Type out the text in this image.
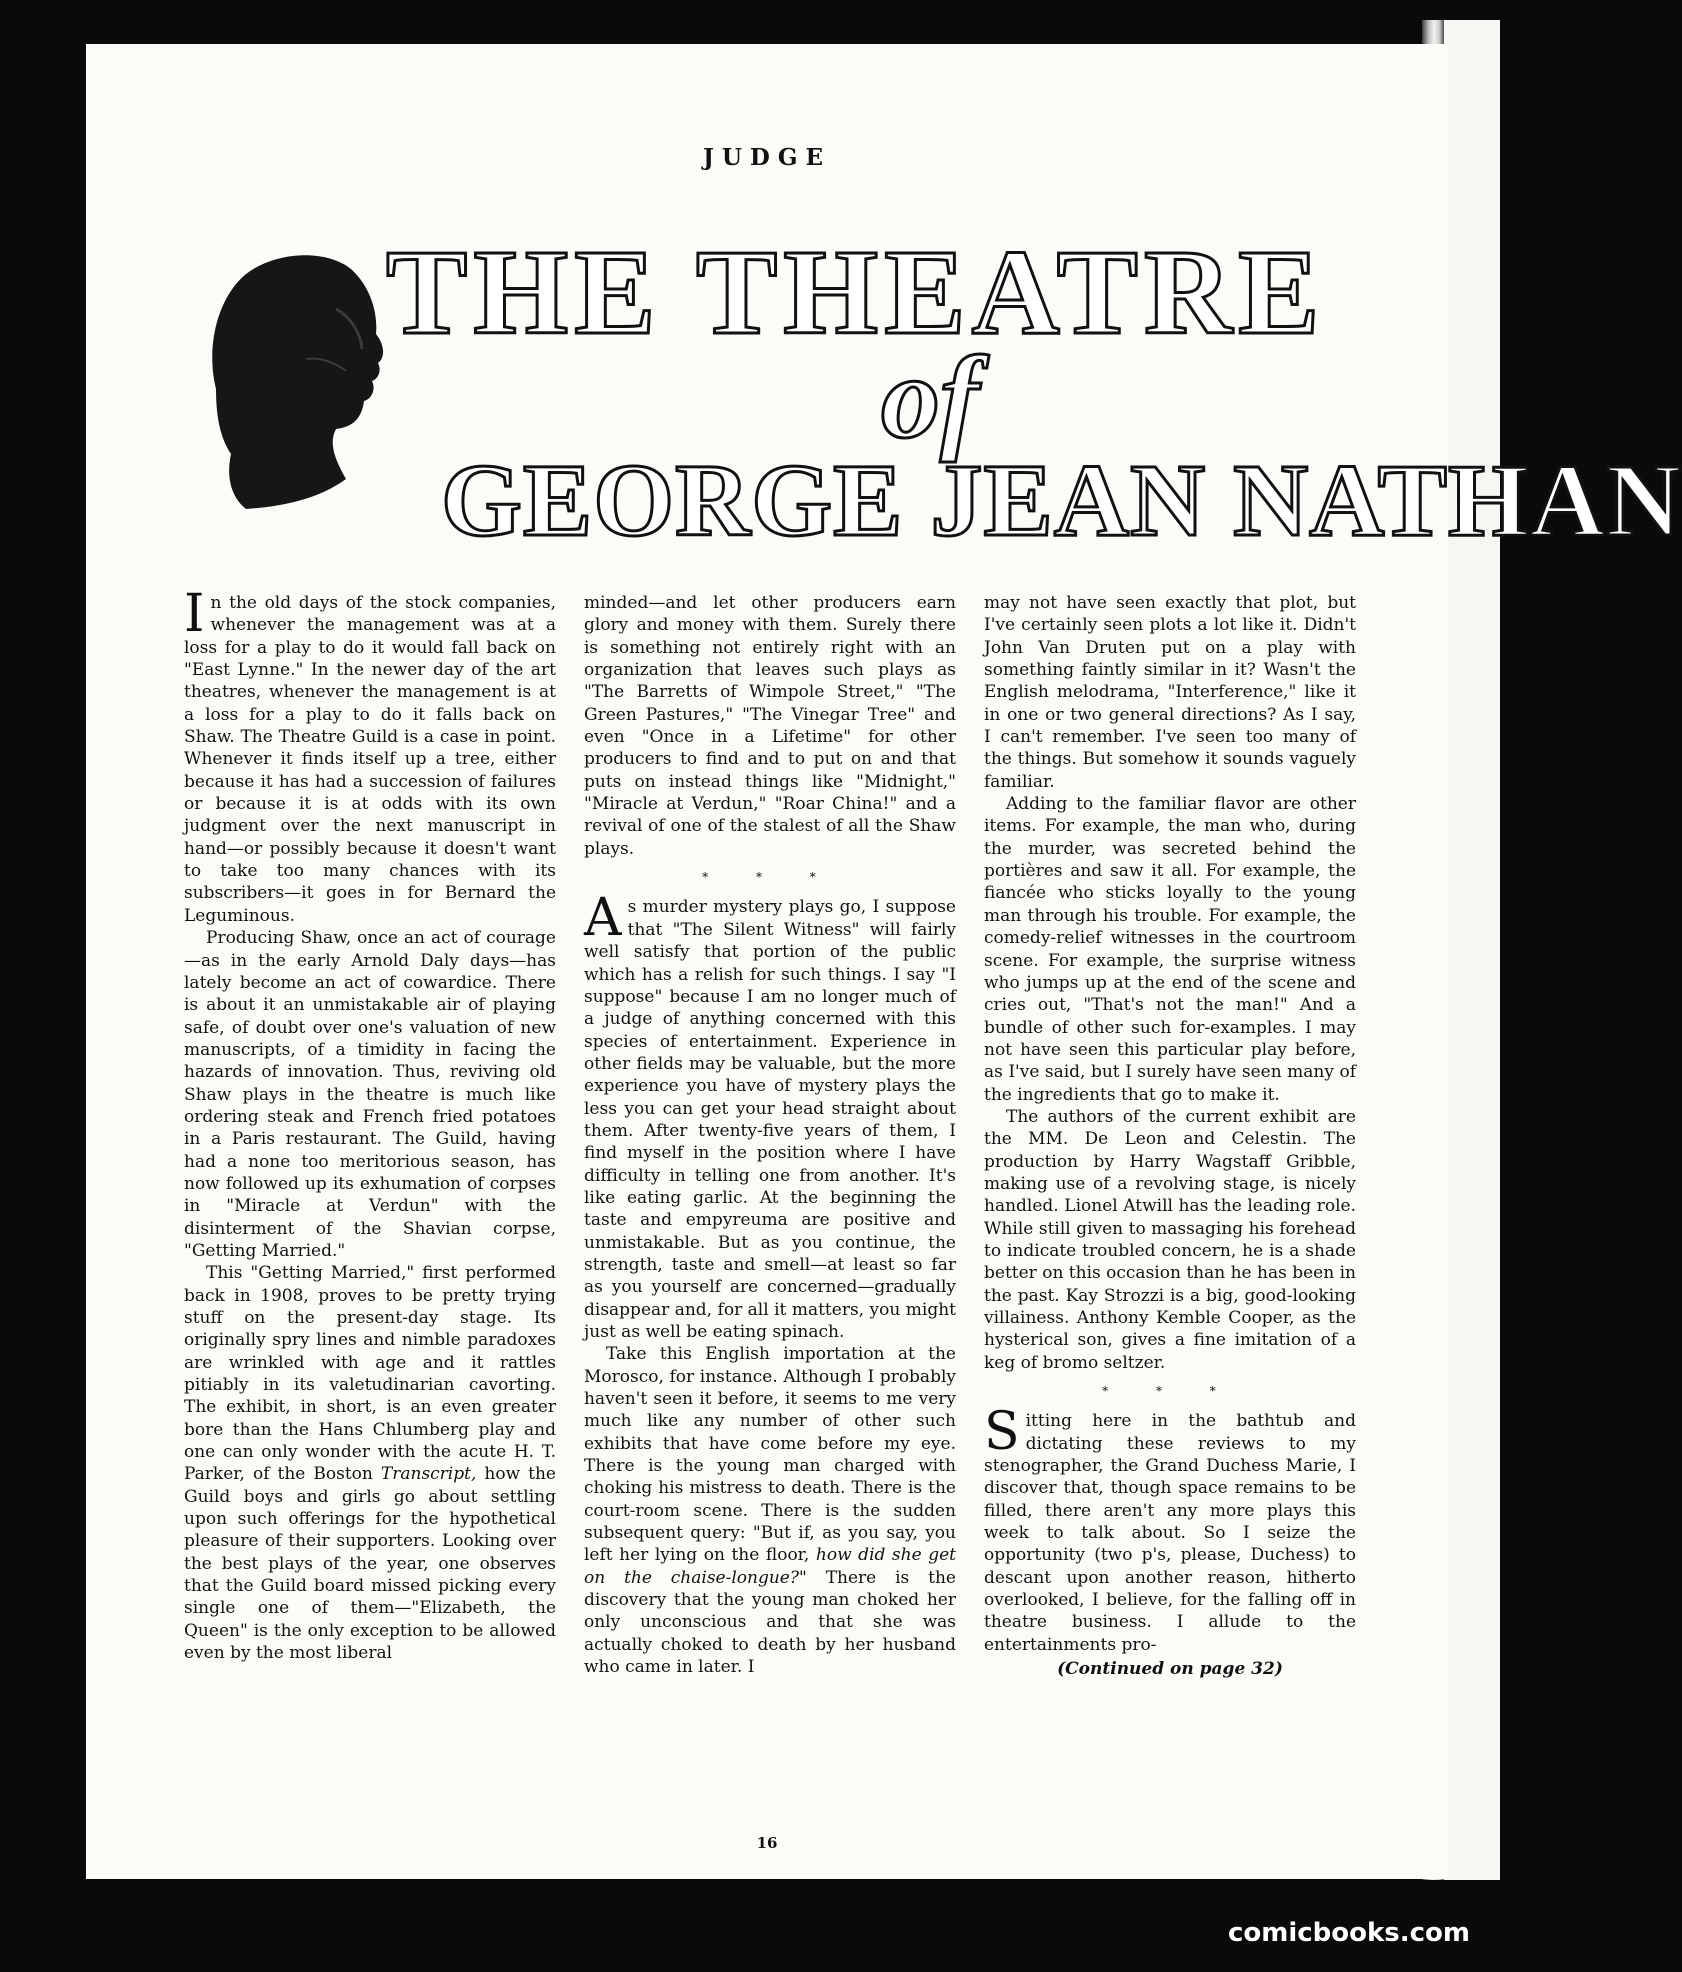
JUDGE
THE THEATRE
of
GEORGE JEAN NATHAN

In the old days of the stock companies, whenever the management was at a loss for a play to do it would fall back on "East Lynne." In the newer day of the art theatres, whenever the management is at a loss for a play to do it falls back on Shaw. The Theatre Guild is a case in point. Whenever it finds itself up a tree, either because it has had a succession of failures or because it is at odds with its own judgment over the next manuscript in hand—or possibly because it doesn't want to take too many chances with its subscribers—it goes in for Bernard the Leguminous.

Producing Shaw, once an act of courage—as in the early Arnold Daly days—has lately become an act of cowardice. There is about it an unmistakable air of playing safe, of doubt over one's valuation of new manuscripts, of a timidity in facing the hazards of innovation. Thus, reviving old Shaw plays in the theatre is much like ordering steak and French fried potatoes in a Paris restaurant. The Guild, having had a none too meritorious season, has now followed up its exhumation of corpses in "Miracle at Verdun" with the disinterment of the Shavian corpse, "Getting Married."

This "Getting Married," first performed back in 1908, proves to be pretty trying stuff on the present-day stage. Its originally spry lines and nimble paradoxes are wrinkled with age and it rattles pitiably in its valetudinarian cavorting. The exhibit, in short, is an even greater bore than the Hans Chlumberg play and one can only wonder with the acute H. T. Parker, of the Boston Transcript, how the Guild boys and girls go about settling upon such offerings for the hypothetical pleasure of their supporters. Looking over the best plays of the year, one observes that the Guild board missed picking every single one of them—"Elizabeth, the Queen" is the only exception to be allowed even by the most liberal

minded—and let other producers earn glory and money with them. Surely there is something not entirely right with an organization that leaves such plays as "The Barretts of Wimpole Street," "The Green Pastures," "The Vinegar Tree" and even "Once in a Lifetime" for other producers to find and to put on and that puts on instead things like "Midnight," "Miracle at Verdun," "Roar China!" and a revival of one of the stalest of all the Shaw plays.

* * *

As murder mystery plays go, I suppose that "The Silent Witness" will fairly well satisfy that portion of the public which has a relish for such things. I say "I suppose" because I am no longer much of a judge of anything concerned with this species of entertainment. Experience in other fields may be valuable, but the more experience you have of mystery plays the less you can get your head straight about them. After twenty-five years of them, I find myself in the position where I have difficulty in telling one from another. It's like eating garlic. At the beginning the taste and empyreuma are positive and unmistakable. But as you continue, the strength, taste and smell—at least so far as you yourself are concerned—gradually disappear and, for all it matters, you might just as well be eating spinach.

Take this English importation at the Morosco, for instance. Although I probably haven't seen it before, it seems to me very much like any number of other such exhibits that have come before my eye. There is the young man charged with choking his mistress to death. There is the court-room scene. There is the sudden subsequent query: "But if, as you say, you left her lying on the floor, how did she get on the chaise-longue?" There is the discovery that the young man choked her only unconscious and that she was actually choked to death by her husband who came in later. I

may not have seen exactly that plot, but I've certainly seen plots a lot like it. Didn't John Van Druten put on a play with something faintly similar in it? Wasn't the English melodrama, "Interference," like it in one or two general directions? As I say, I can't remember. I've seen too many of the things. But somehow it sounds vaguely familiar.

Adding to the familiar flavor are other items. For example, the man who, during the murder, was secreted behind the portières and saw it all. For example, the fiancée who sticks loyally to the young man through his trouble. For example, the comedy-relief witnesses in the courtroom scene. For example, the surprise witness who jumps up at the end of the scene and cries out, "That's not the man!" And a bundle of other such for-examples. I may not have seen this particular play before, as I've said, but I surely have seen many of the ingredients that go to make it.

The authors of the current exhibit are the MM. De Leon and Celestin. The production by Harry Wagstaff Gribble, making use of a revolving stage, is nicely handled. Lionel Atwill has the leading role. While still given to massaging his forehead to indicate troubled concern, he is a shade better on this occasion than he has been in the past. Kay Strozzi is a big, good-looking villainess. Anthony Kemble Cooper, as the hysterical son, gives a fine imitation of a keg of bromo seltzer.

* * *

Sitting here in the bathtub and dictating these reviews to my stenographer, the Grand Duchess Marie, I discover that, though space remains to be filled, there aren't any more plays this week to talk about. So I seize the opportunity (two p's, please, Duchess) to descant upon another reason, hitherto overlooked, I believe, for the falling off in theatre business. I allude to the entertainments pro-

(Continued on page 32)
16
comicbooks.com
